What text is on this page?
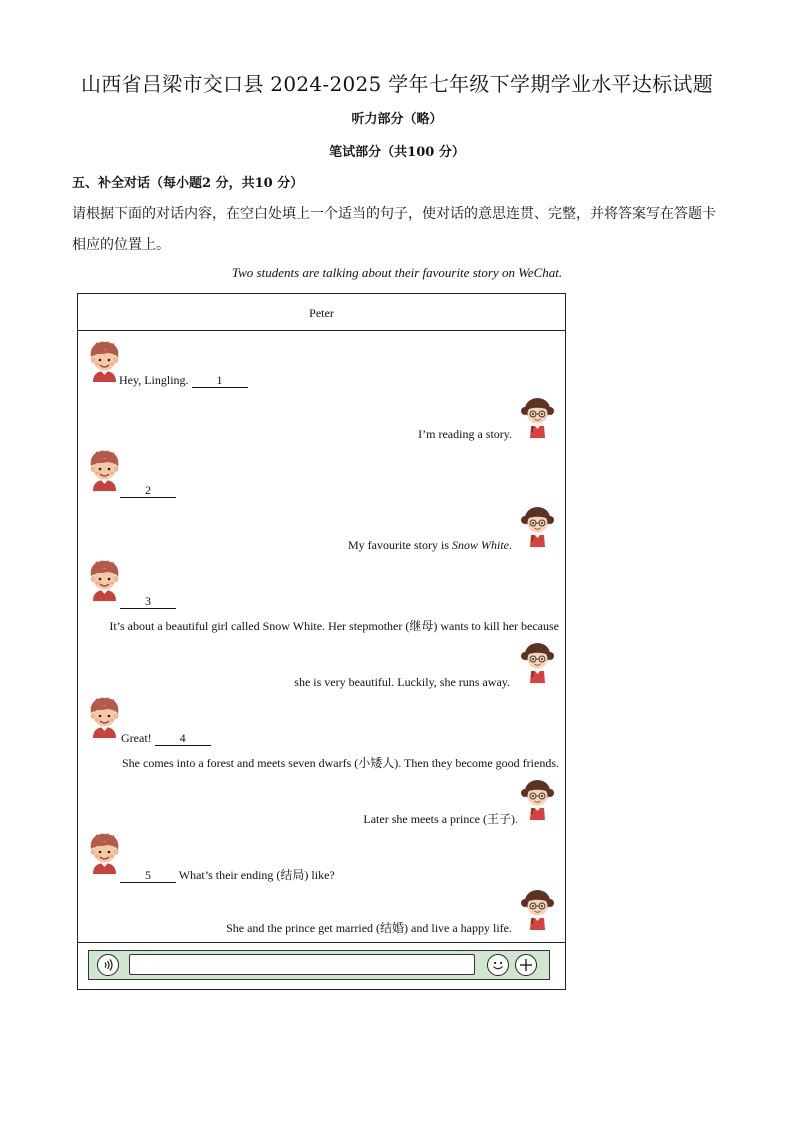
山西省吕梁市交口县 2024-2025 学年七年级下学期学业水平达标试题
听力部分（略）
笔试部分（共100 分）
五、补全对话（每小题2 分，共10 分）
请根据下面的对话内容，在空白处填上一个适当的句子，使对话的意思连贯、完整，并将答案写在答题卡相应的位置上。
Two students are talking about their favourite story on WeChat.
Peter
Hey, Lingling. 1
I’m reading a story.
2
My favourite story is Snow White.
3
It’s about a beautiful girl called Snow White. Her stepmother (继母) wants to kill her because
she is very beautiful. Luckily, she runs away.
Great! 4
She comes into a forest and meets seven dwarfs (小矮人). Then they become good friends.
Later she meets a prince (王子).
5 What’s their ending (结局) like?
She and the prince get married (结婚) and live a happy life.
